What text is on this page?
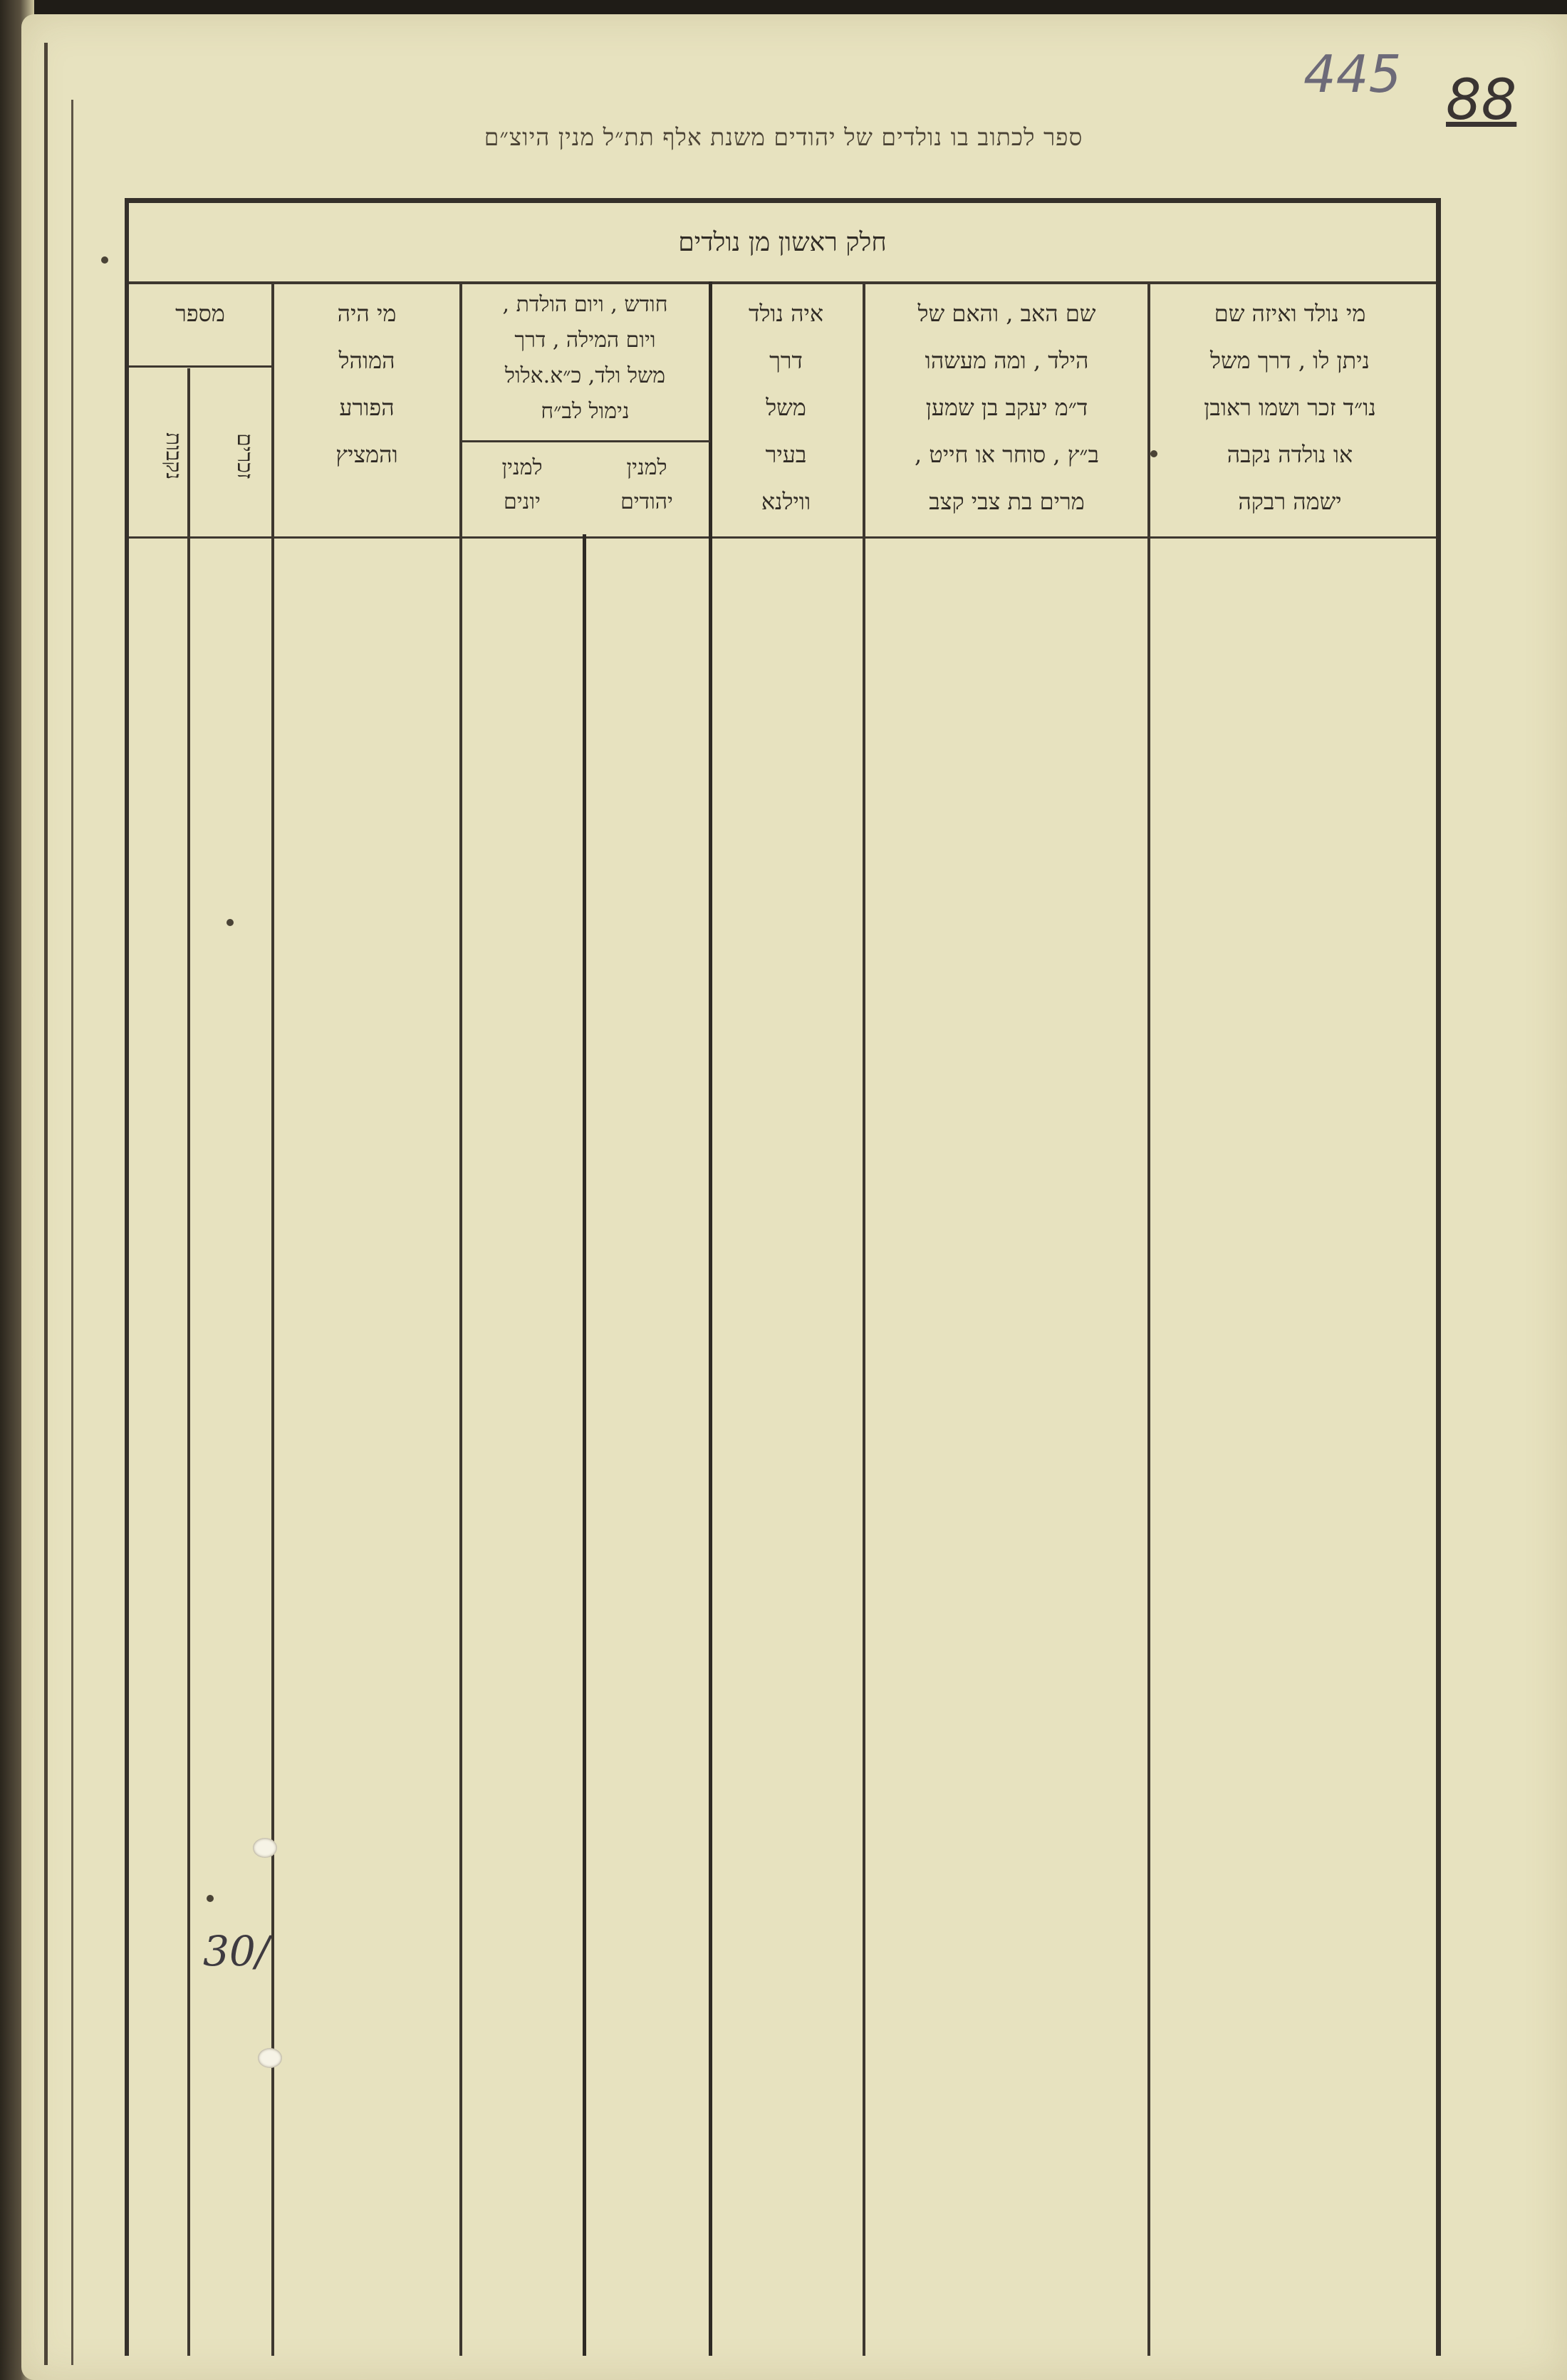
ספר לכתוב בו נולדים של יהודים משנת אלף תת״ל מנין היוצ״ם
445 88
30/
חלק ראשון מן נולדים

מי נולד ואיזה שם

ניתן לו , דרך משל

נו״ד זכר ושמו ראובן

או נולדה נקבה

ישמה רבקה

שם האב , והאם של

הילד , ומה מעשהו

ד״מ יעקב בן שמען

ב״ץ , סוחר או חייט ,

מרים בת צבי קצב

איה נולד

דרך

משל

בעיר

ווילנא

חודש , ויום הולדת ,

ויום המילה , דרך

משל ולד, כ״א.אלול

נימול לב״ח

למנין

יהודים

למנין

יונים

מי היה

המוהל

הפורע

והמציץ

מספר

זכרים
נקבות
